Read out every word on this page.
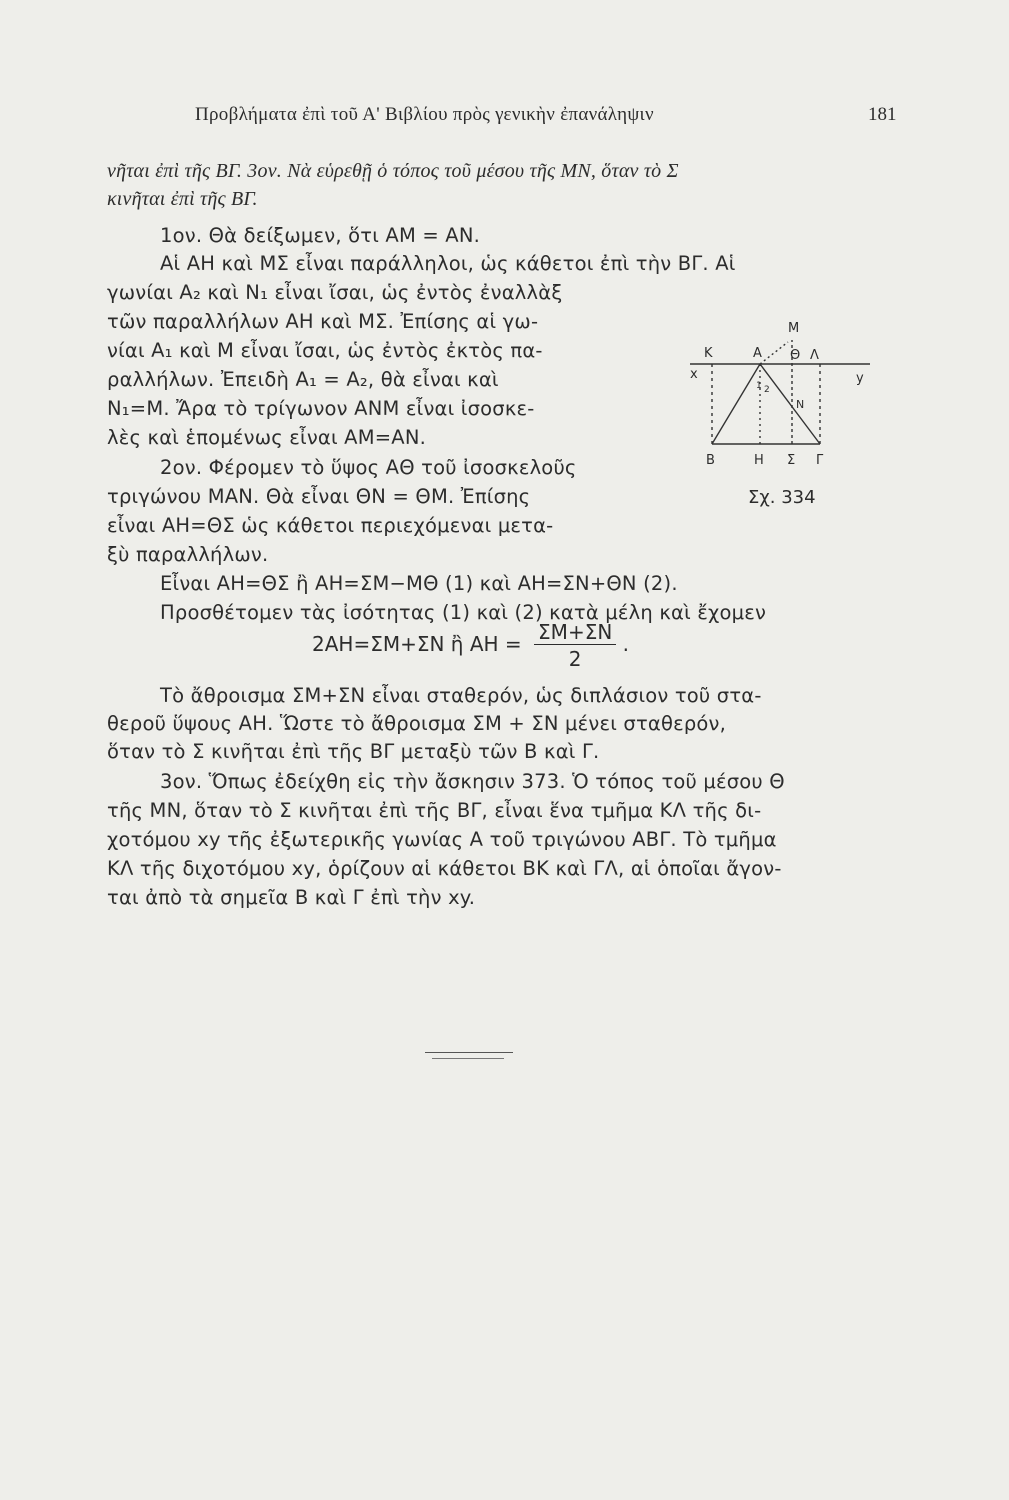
Προβλήματα ἐπὶ τοῦ Α' Βιβλίου πρὸς γενικὴν ἐπανάληψιν	181
νῆται ἐπὶ τῆς ΒΓ. 3ον. Νὰ εὑρεθῇ ὁ τόπος τοῦ μέσου τῆς ΜΝ, ὅταν τὸ Σ
κινῆται ἐπὶ τῆς ΒΓ.
1ον. Θὰ δείξωμεν, ὅτι ΑΜ = ΑΝ.
Αἱ ΑΗ καὶ ΜΣ εἶναι παράλληλοι, ὡς κάθετοι ἐπὶ τὴν ΒΓ. Αἱ
γωνίαι Α₂ καὶ Ν₁ εἶναι ἴσαι, ὡς ἐντὸς ἐναλλὰξ
τῶν παραλλήλων ΑΗ καὶ ΜΣ. Ἐπίσης αἱ γω-
νίαι Α₁ καὶ Μ εἶναι ἴσαι, ὡς ἐντὸς ἐκτὸς πα-
ραλλήλων. Ἐπειδὴ Α₁ = Α₂, θὰ εἶναι καὶ
Ν₁=Μ. Ἄρα τὸ τρίγωνον ΑΝΜ εἶναι ἰσοσκε-
λὲς καὶ ἑπομένως εἶναι ΑΜ=ΑΝ.
2ον. Φέρομεν τὸ ὕψος ΑΘ τοῦ ἰσοσκελοῦς
τριγώνου ΜΑΝ. Θὰ εἶναι ΘΝ = ΘΜ. Ἐπίσης
εἶναι ΑΗ=ΘΣ ὡς κάθετοι περιεχόμεναι μετα-
ξὺ παραλλήλων.
Εἶναι ΑΗ=ΘΣ ἢ ΑΗ=ΣΜ−ΜΘ (1) καὶ ΑΗ=ΣΝ+ΘΝ (2).
Προσθέτομεν τὰς ἰσότητας (1) καὶ (2) κατὰ μέλη καὶ ἔχομεν
2ΑΗ=ΣΜ+ΣΝ ἢ $AH = \frac{\Sigma M+\Sigma N}{2}$ .
Τὸ ἄθροισμα ΣΜ+ΣΝ εἶναι σταθερόν, ὡς διπλάσιον τοῦ στα-
θεροῦ ὕψους ΑΗ. Ὥστε τὸ ἄθροισμα ΣΜ + ΣΝ μένει σταθερόν,
ὅταν τὸ Σ κινῆται ἐπὶ τῆς ΒΓ μεταξὺ τῶν Β καὶ Γ.
3ον. Ὅπως ἐδείχθη εἰς τὴν ἄσκησιν 373. Ὁ τόπος τοῦ μέσου Θ
τῆς ΜΝ, ὅταν τὸ Σ κινῆται ἐπὶ τῆς ΒΓ, εἶναι ἕνα τμῆμα ΚΛ τῆς δι-
χοτόμου xy τῆς ἐξωτερικῆς γωνίας Α τοῦ τριγώνου ΑΒΓ. Τὸ τμῆμα
ΚΛ τῆς διχοτόμου xy, ὁρίζουν αἱ κάθετοι ΒΚ καὶ ΓΛ, αἱ ὁποῖαι ἄγον-
ται ἀπὸ τὰ σημεῖα Β καὶ Γ ἐπὶ τὴν xy.
M
K	A Θ Λ
x	y
N
1 2
B	H Σ Γ
Σχ. 334
